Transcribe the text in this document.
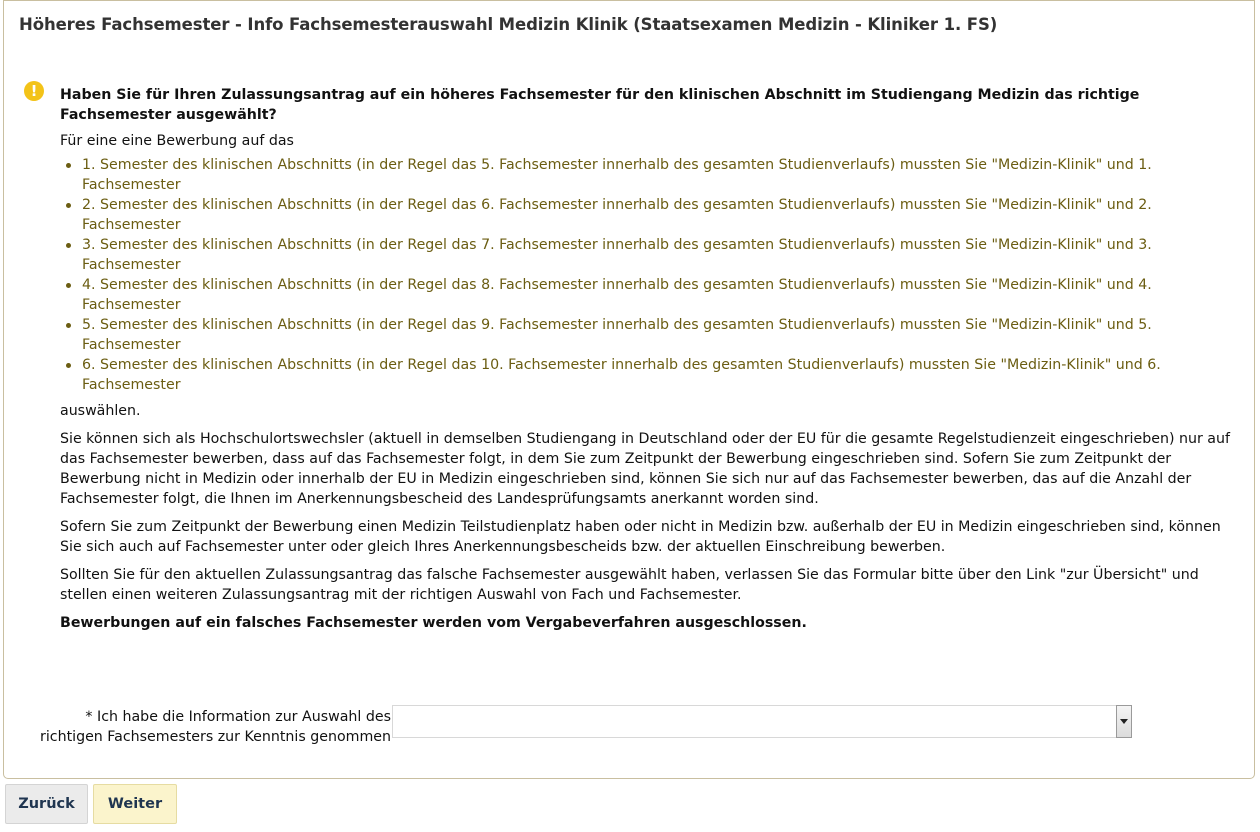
Höheres Fachsemester - Info Fachsemesterauswahl Medizin Klinik (Staatsexamen Medizin - Kliniker 1. FS)
!	Haben Sie für Ihren Zulassungsantrag auf ein höheres Fachsemester für den klinischen Abschnitt im Studiengang Medizin das richtige Fachsemester ausgewählt?

Für eine eine Bewerbung auf das

1. Semester des klinischen Abschnitts (in der Regel das 5. Fachsemester innerhalb des gesamten Studienverlaufs) mussten Sie "Medizin-Klinik" und 1. Fachsemester
2. Semester des klinischen Abschnitts (in der Regel das 6. Fachsemester innerhalb des gesamten Studienverlaufs) mussten Sie "Medizin-Klinik" und 2. Fachsemester
3. Semester des klinischen Abschnitts (in der Regel das 7. Fachsemester innerhalb des gesamten Studienverlaufs) mussten Sie "Medizin-Klinik" und 3. Fachsemester
4. Semester des klinischen Abschnitts (in der Regel das 8. Fachsemester innerhalb des gesamten Studienverlaufs) mussten Sie "Medizin-Klinik" und 4. Fachsemester
5. Semester des klinischen Abschnitts (in der Regel das 9. Fachsemester innerhalb des gesamten Studienverlaufs) mussten Sie "Medizin-Klinik" und 5. Fachsemester
6. Semester des klinischen Abschnitts (in der Regel das 10. Fachsemester innerhalb des gesamten Studienverlaufs) mussten Sie "Medizin-Klinik" und 6. Fachsemester

auswählen.

Sie können sich als Hochschulortswechsler (aktuell in demselben Studiengang in Deutschland oder der EU für die gesamte Regelstudienzeit eingeschrieben) nur auf das Fachsemester bewerben, dass auf das Fachsemester folgt, in dem Sie zum Zeitpunkt der Bewerbung eingeschrieben sind. Sofern Sie zum Zeitpunkt der Bewerbung nicht in Medizin oder innerhalb der EU in Medizin eingeschrieben sind, können Sie sich nur auf das Fachsemester bewerben, das auf die Anzahl der Fachsemester folgt, die Ihnen im Anerkennungsbescheid des Landesprüfungsamts anerkannt worden sind.

Sofern Sie zum Zeitpunkt der Bewerbung einen Medizin Teilstudienplatz haben oder nicht in Medizin bzw. außerhalb der EU in Medizin eingeschrieben sind, können Sie sich auch auf Fachsemester unter oder gleich Ihres Anerkennungsbescheids bzw. der aktuellen Einschreibung bewerben.

Sollten Sie für den aktuellen Zulassungsantrag das falsche Fachsemester ausgewählt haben, verlassen Sie das Formular bitte über den Link "zur Übersicht" und stellen einen weiteren Zulassungsantrag mit der richtigen Auswahl von Fach und Fachsemester.

Bewerbungen auf ein falsches Fachsemester werden vom Vergabeverfahren ausgeschlossen.

* Ich habe die Information zur Auswahl des richtigen Fachsemesters zur Kenntnis genommen
Zurück	Weiter
